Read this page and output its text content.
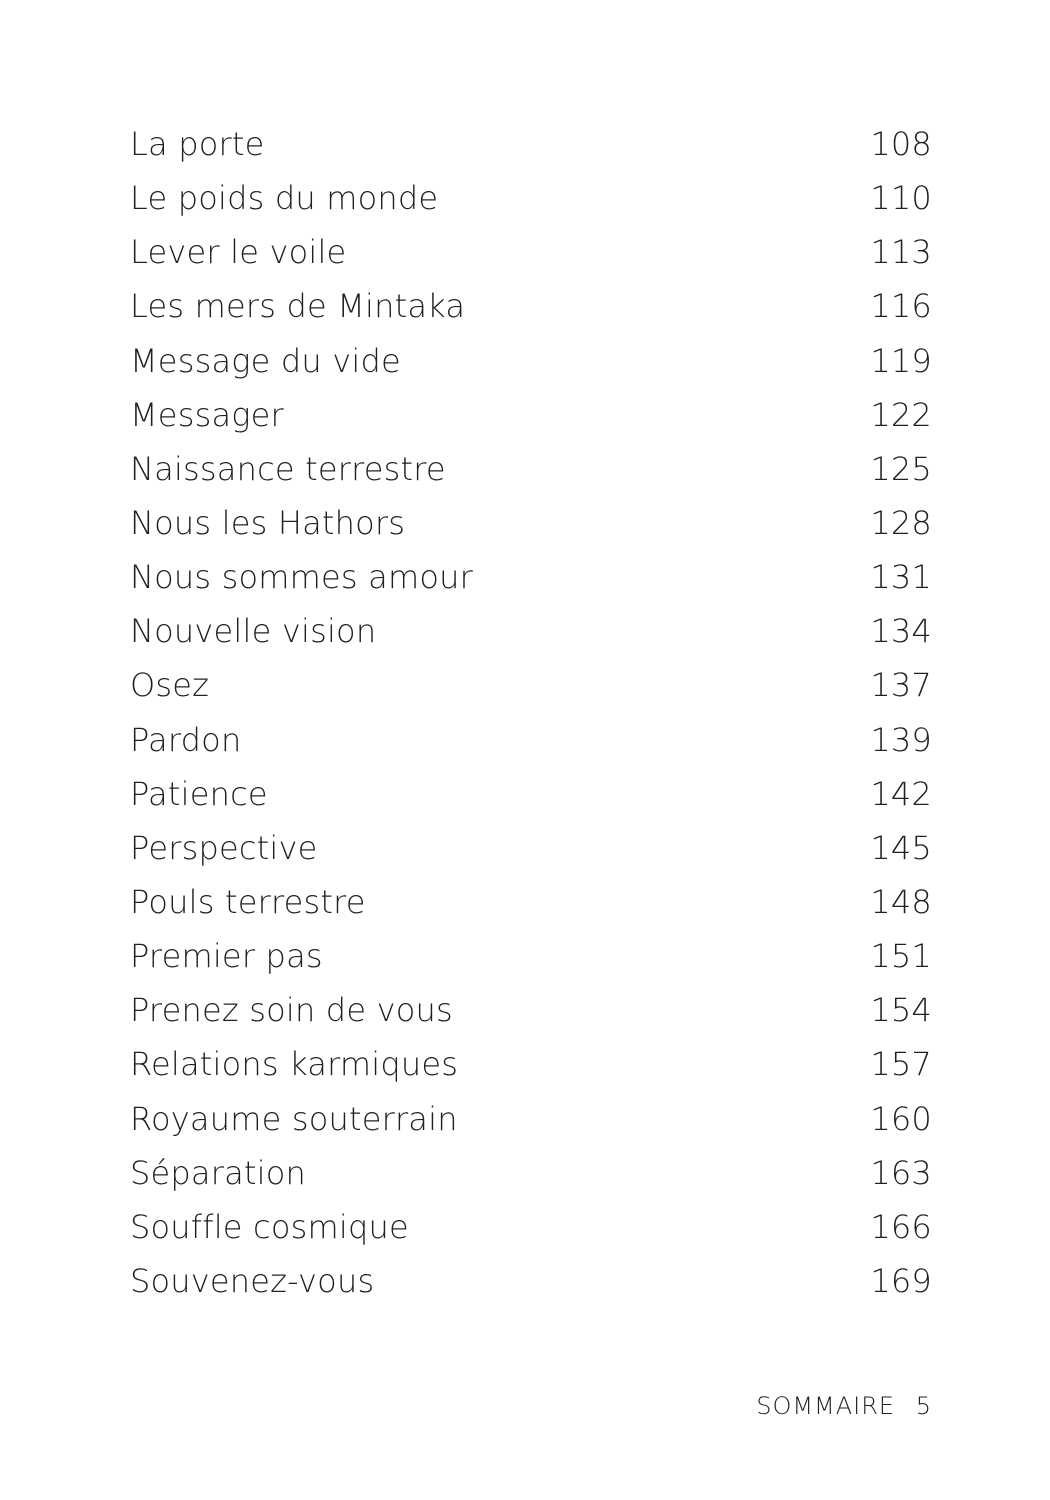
La porte	108
Le poids du monde	110
Lever le voile	113
Les mers de Mintaka	116
Message du vide	119
Messager	122
Naissance terrestre	125
Nous les Hathors	128
Nous sommes amour	131
Nouvelle vision	134
Osez	137
Pardon	139
Patience	142
Perspective	145
Pouls terrestre	148
Premier pas	151
Prenez soin de vous	154
Relations karmiques	157
Royaume souterrain	160
Séparation	163
Souffle cosmique	166
Souvenez-vous	169
SOMMAIRE 5
